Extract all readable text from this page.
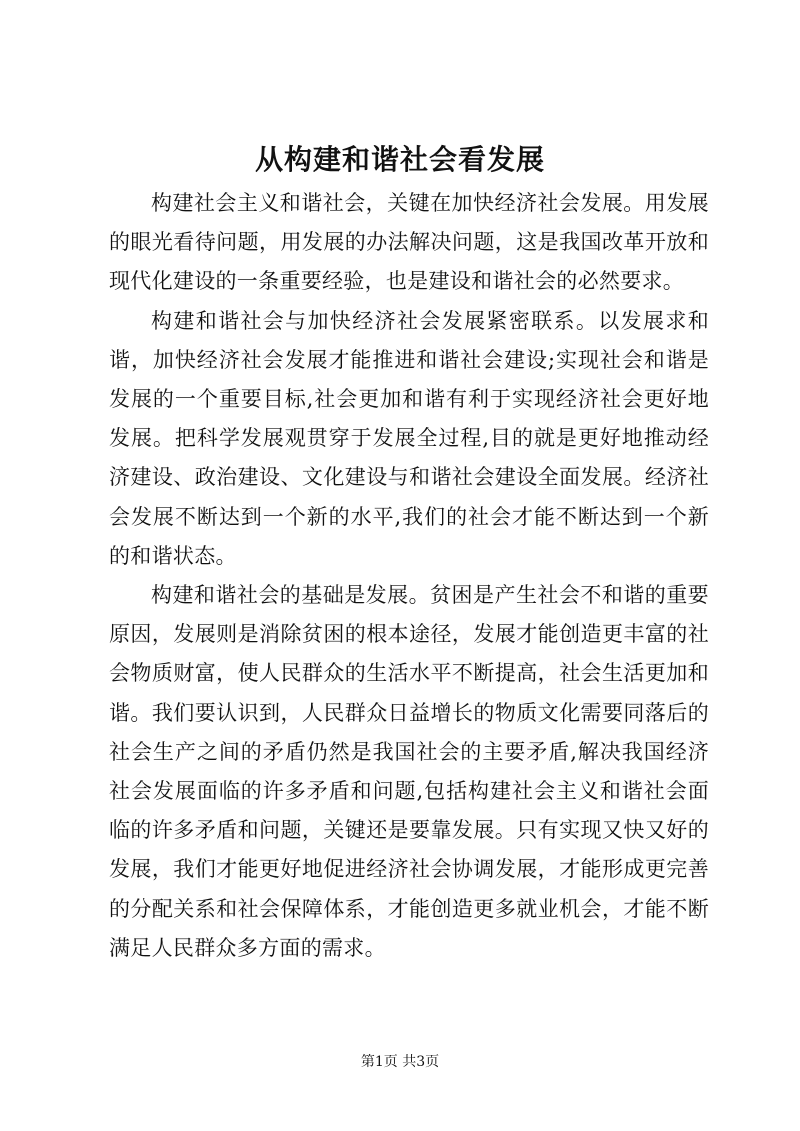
从构建和谐社会看发展

构建社会主义和谐社会，关键在加快经济社会发展。用发展的眼光看待问题，用发展的办法解决问题，这是我国改革开放和现代化建设的一条重要经验，也是建设和谐社会的必然要求。

构建和谐社会与加快经济社会发展紧密联系。以发展求和谐，加快经济社会发展才能推进和谐社会建设;实现社会和谐是发展的一个重要目标,社会更加和谐有利于实现经济社会更好地发展。把科学发展观贯穿于发展全过程,目的就是更好地推动经济建设、政治建设、文化建设与和谐社会建设全面发展。经济社会发展不断达到一个新的水平,我们的社会才能不断达到一个新的和谐状态。

构建和谐社会的基础是发展。贫困是产生社会不和谐的重要原因，发展则是消除贫困的根本途径，发展才能创造更丰富的社会物质财富，使人民群众的生活水平不断提高，社会生活更加和谐。我们要认识到，人民群众日益增长的物质文化需要同落后的社会生产之间的矛盾仍然是我国社会的主要矛盾,解决我国经济社会发展面临的许多矛盾和问题,包括构建社会主义和谐社会面临的许多矛盾和问题，关键还是要靠发展。只有实现又快又好的发展，我们才能更好地促进经济社会协调发展，才能形成更完善的分配关系和社会保障体系，才能创造更多就业机会，才能不断满足人民群众多方面的需求。

第1页 共3页
